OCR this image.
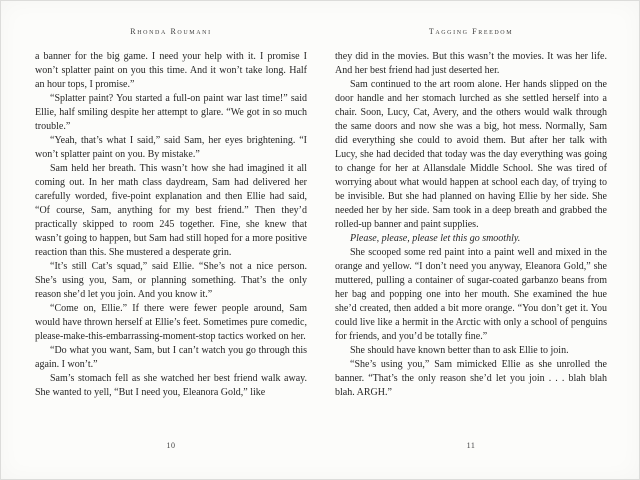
Rhonda Roumani

a banner for the big game. I need your help with it. I promise I won’t splatter paint on you this time. And it won’t take long. Half an hour tops, I promise.”

“Splatter paint? You started a full-on paint war last time!” said Ellie, half smiling despite her attempt to glare. “We got in so much trouble.”

“Yeah, that’s what I said,” said Sam, her eyes brightening. “I won’t splatter paint on you. By mistake.”

Sam held her breath. This wasn’t how she had imagined it all coming out. In her math class daydream, Sam had delivered her carefully worded, five-point explanation and then Ellie had said, “Of course, Sam, anything for my best friend.” Then they’d practically skipped to room 245 together. Fine, she knew that wasn’t going to happen, but Sam had still hoped for a more positive reaction than this. She mustered a desperate grin.

“It’s still Cat’s squad,” said Ellie. “She’s not a nice person. She’s using you, Sam, or planning something. That’s the only reason she’d let you join. And you know it.”

“Come on, Ellie.” If there were fewer people around, Sam would have thrown herself at Ellie’s feet. Sometimes pure comedic, please-make-this-embarrassing-moment-stop tactics worked on her.

“Do what you want, Sam, but I can’t watch you go through this again. I won’t.”

Sam’s stomach fell as she watched her best friend walk away. She wanted to yell, “But I need you, Eleanora Gold,” like

10
Tagging Freedom

they did in the movies. But this wasn’t the movies. It was her life. And her best friend had just deserted her.

Sam continued to the art room alone. Her hands slipped on the door handle and her stomach lurched as she settled herself into a chair. Soon, Lucy, Cat, Avery, and the others would walk through the same doors and now she was a big, hot mess. Normally, Sam did everything she could to avoid them. But after her talk with Lucy, she had decided that today was the day everything was going to change for her at Allansdale Middle School. She was tired of worrying about what would happen at school each day, of trying to be invisible. But she had planned on having Ellie by her side. She needed her by her side. Sam took in a deep breath and grabbed the rolled-up banner and paint supplies.

Please, please, please let this go smoothly.

She scooped some red paint into a paint well and mixed in the orange and yellow. “I don’t need you anyway, Eleanora Gold,” she muttered, pulling a container of sugar-coated garbanzo beans from her bag and popping one into her mouth. She examined the hue she’d created, then added a bit more orange. “You don’t get it. You could live like a hermit in the Arctic with only a school of penguins for friends, and you’d be totally fine.”

She should have known better than to ask Ellie to join.

“She’s using you,” Sam mimicked Ellie as she unrolled the banner. “That’s the only reason she’d let you join . . . blah blah blah. ARGH.”

11
